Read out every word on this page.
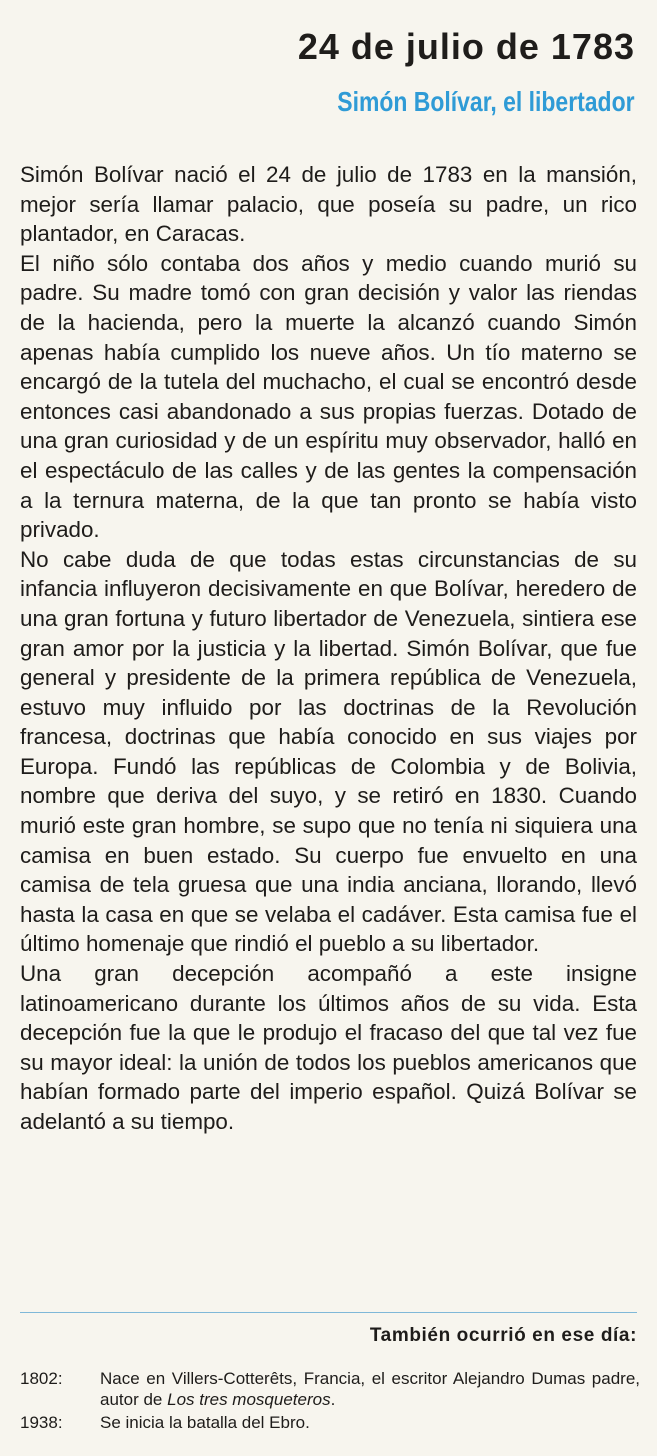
24 de julio de 1783
Simón Bolívar, el libertador

Simón Bolívar nació el 24 de julio de 1783 en la mansión, mejor sería llamar palacio, que poseía su padre, un rico plantador, en Caracas.

El niño sólo contaba dos años y medio cuando murió su padre. Su madre tomó con gran decisión y valor las riendas de la hacienda, pero la muerte la alcanzó cuando Simón apenas había cumplido los nueve años. Un tío materno se encargó de la tutela del muchacho, el cual se encontró desde entonces casi abandonado a sus propias fuerzas. Dotado de una gran curiosidad y de un espíritu muy observador, halló en el espectáculo de las calles y de las gentes la compensación a la ternura materna, de la que tan pronto se había visto privado.

No cabe duda de que todas estas circunstancias de su infancia influyeron decisivamente en que Bolívar, heredero de una gran fortuna y futuro libertador de Venezuela, sintiera ese gran amor por la justicia y la libertad. Simón Bolívar, que fue general y presidente de la primera república de Venezuela, estuvo muy influido por las doctrinas de la Revolución francesa, doctrinas que había conocido en sus viajes por Europa. Fundó las repúblicas de Colombia y de Bolivia, nombre que deriva del suyo, y se retiró en 1830. Cuando murió este gran hombre, se supo que no tenía ni siquiera una camisa en buen estado. Su cuerpo fue envuelto en una camisa de tela gruesa que una india anciana, llorando, llevó hasta la casa en que se velaba el cadáver. Esta camisa fue el último homenaje que rindió el pueblo a su libertador.

Una gran decepción acompañó a este insigne latinoamericano durante los últimos años de su vida. Esta decepción fue la que le produjo el fracaso del que tal vez fue su mayor ideal: la unión de todos los pueblos americanos que habían formado parte del imperio español. Quizá Bolívar se adelantó a su tiempo.

También ocurrió en ese día:
1802:	Nace en Villers-Cotterêts, Francia, el escritor Alejandro Dumas padre, autor de Los tres mosqueteros.
1938:	Se inicia la batalla del Ebro.
